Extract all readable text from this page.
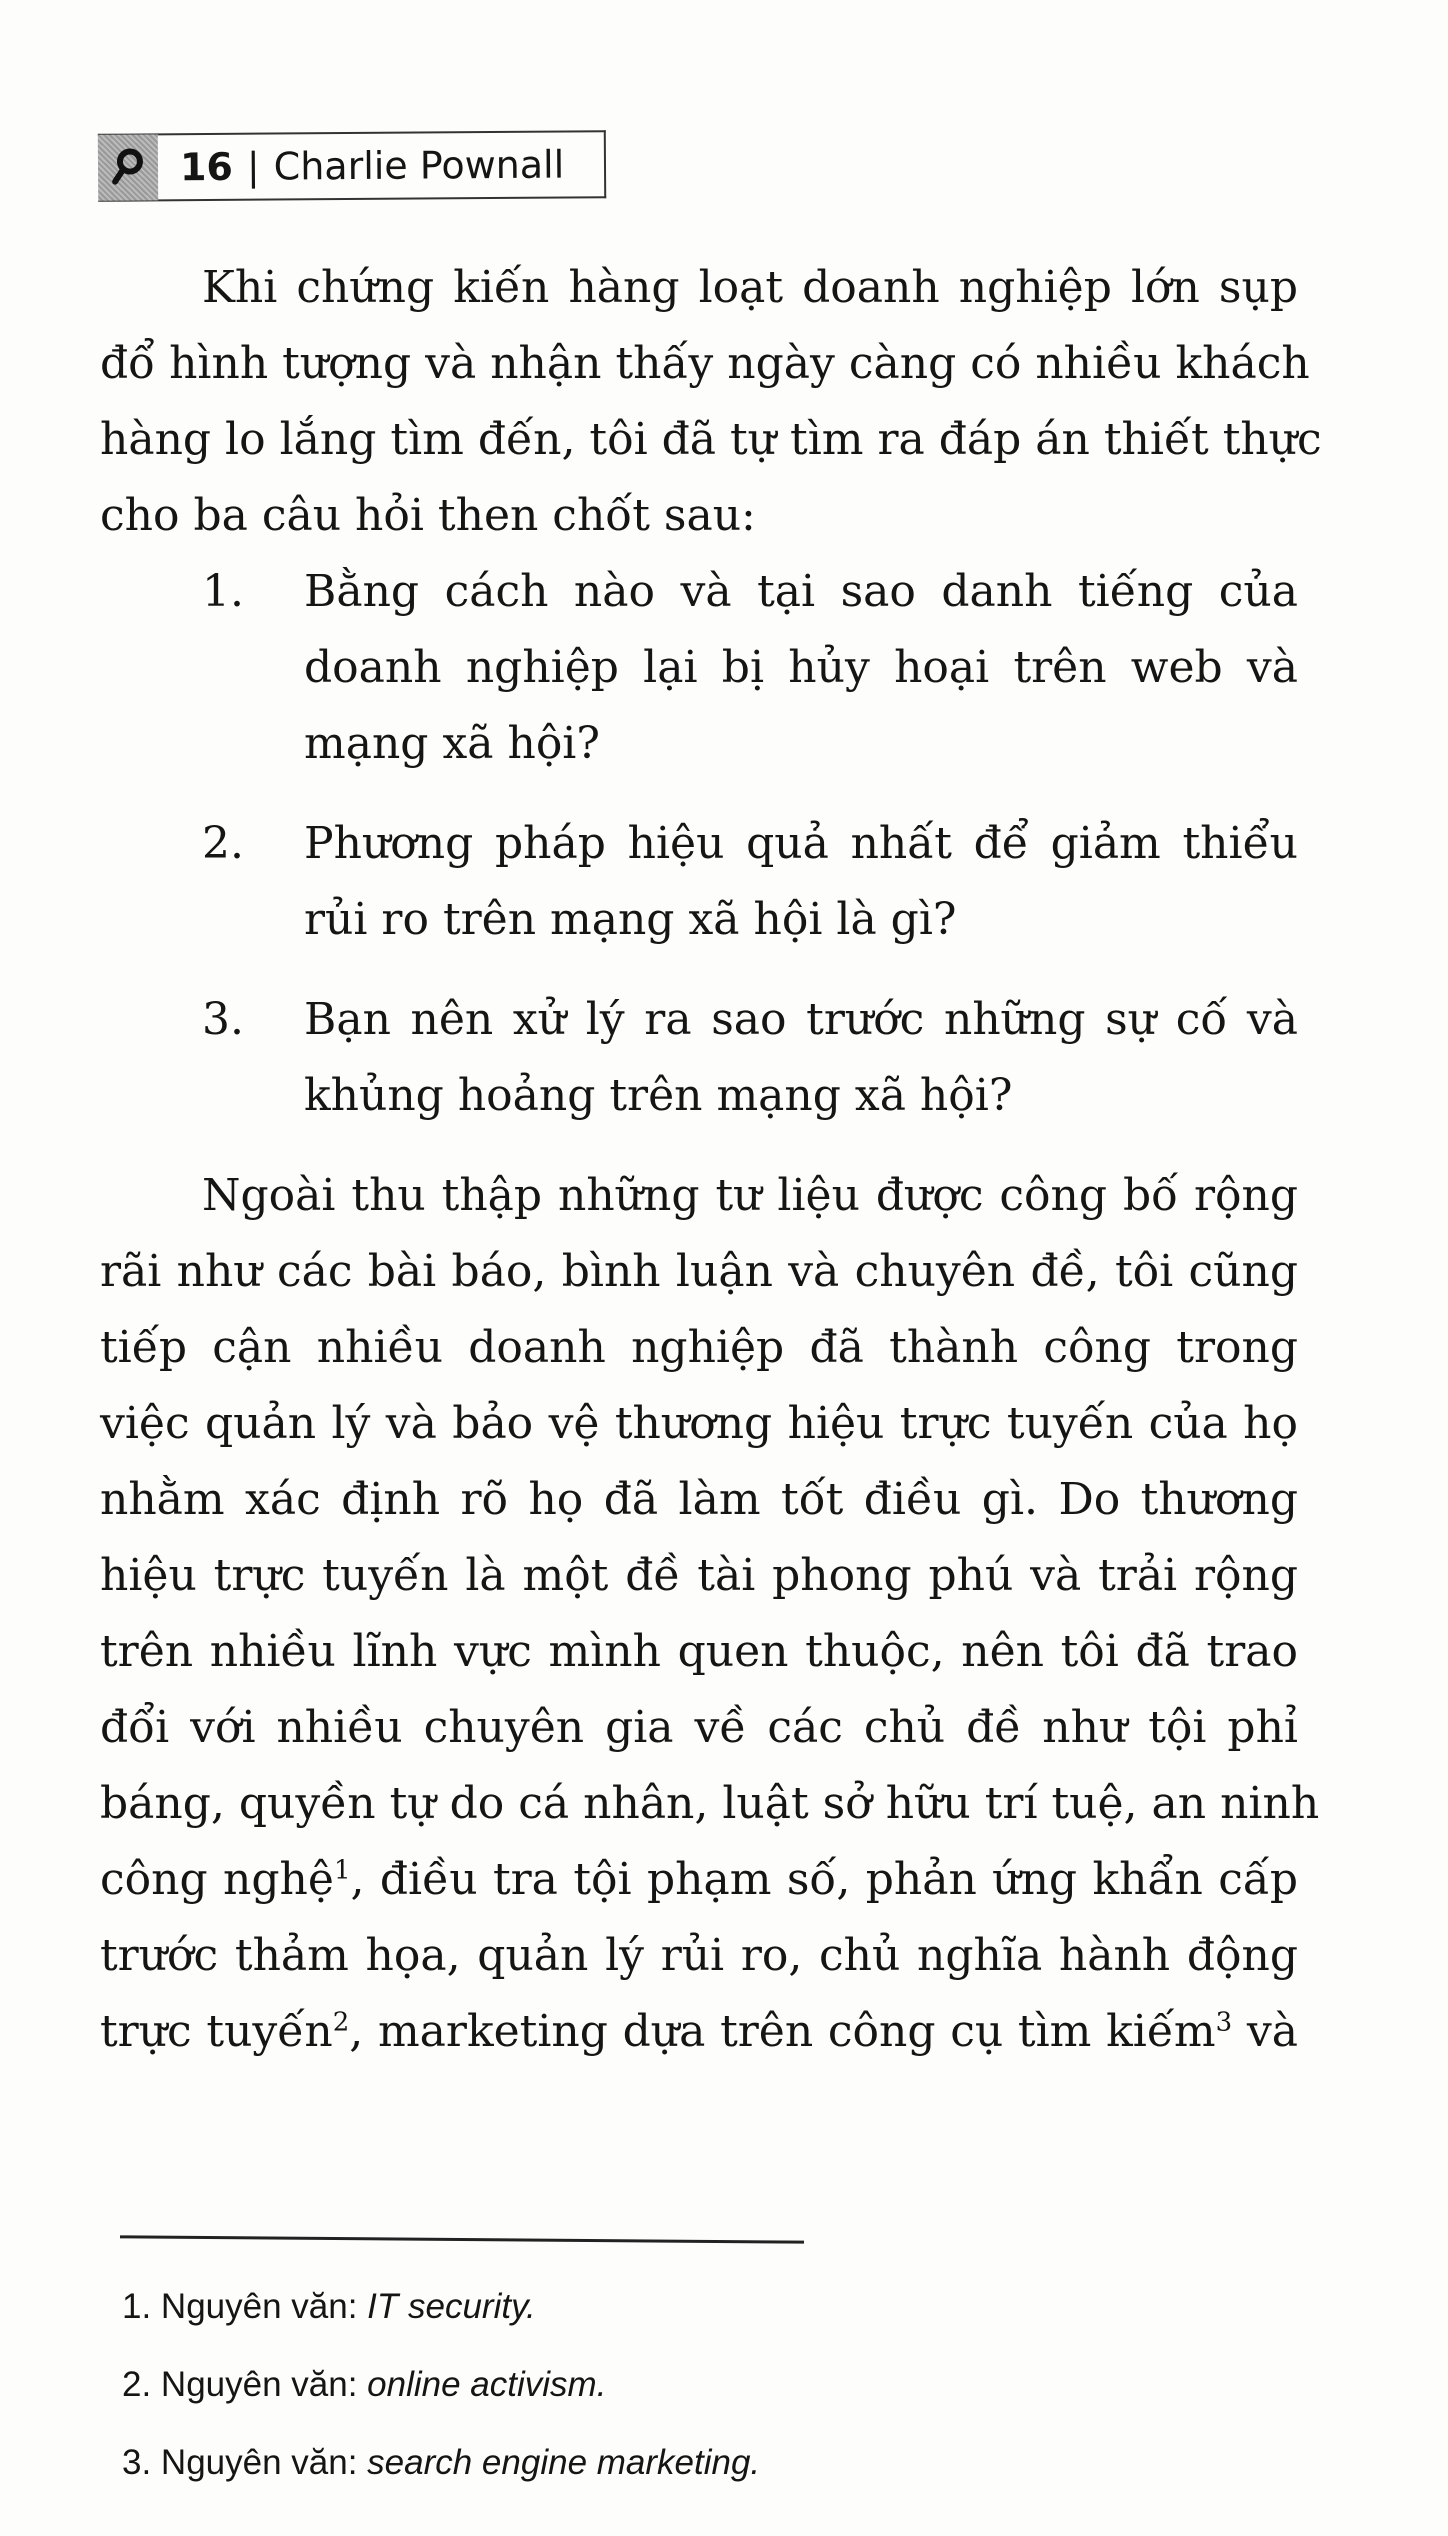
16 | Charlie Pownall
Khi chứng kiến hàng loạt doanh nghiệp lớn sụp
đổ hình tượng và nhận thấy ngày càng có nhiều khách
hàng lo lắng tìm đến, tôi đã tự tìm ra đáp án thiết thực
cho ba câu hỏi then chốt sau:
1.	Bằng cách nào và tại sao danh tiếng của
doanh nghiệp lại bị hủy hoại trên web và
mạng xã hội?
2.	Phương pháp hiệu quả nhất để giảm thiểu
rủi ro trên mạng xã hội là gì?
3.	Bạn nên xử lý ra sao trước những sự cố và
khủng hoảng trên mạng xã hội?
Ngoài thu thập những tư liệu được công bố rộng
rãi như các bài báo, bình luận và chuyên đề, tôi cũng
tiếp cận nhiều doanh nghiệp đã thành công trong
việc quản lý và bảo vệ thương hiệu trực tuyến của họ
nhằm xác định rõ họ đã làm tốt điều gì. Do thương
hiệu trực tuyến là một đề tài phong phú và trải rộng
trên nhiều lĩnh vực mình quen thuộc, nên tôi đã trao
đổi với nhiều chuyên gia về các chủ đề như tội phỉ
báng, quyền tự do cá nhân, luật sở hữu trí tuệ, an ninh
công nghệ$^1$, điều tra tội phạm số, phản ứng khẩn cấp
trước thảm họa, quản lý rủi ro, chủ nghĩa hành động
trực tuyến$^2$, marketing dựa trên công cụ tìm kiếm$^3$ và
1. Nguyên văn: IT security.
2. Nguyên văn: online activism.
3. Nguyên văn: search engine marketing.
